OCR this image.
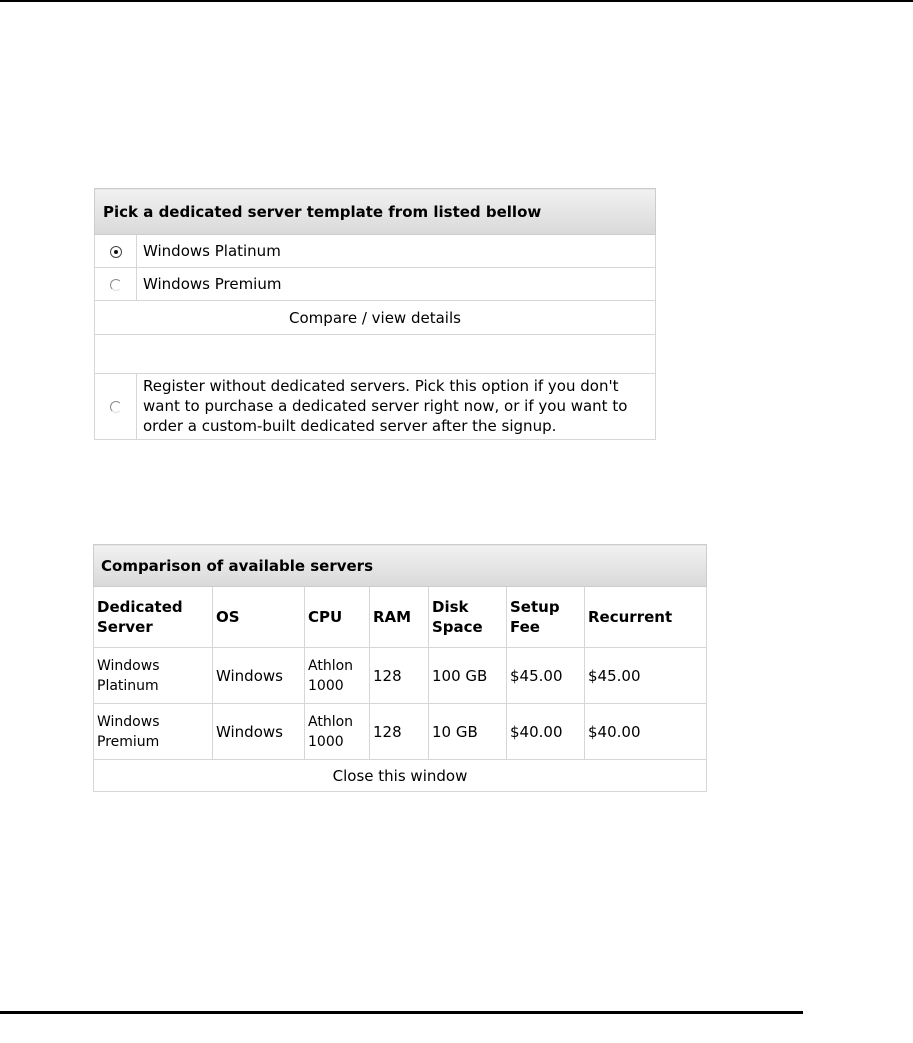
Pick a dedicated server template from listed bellow	
	Windows Platinum
	Windows Premium
Compare / view details	

	Register without dedicated servers. Pick this option if you don't want to purchase a dedicated server right now, or if you want to order a custom-built dedicated server after the signup.
Comparison of available servers						
Dedicated Server	OS	CPU	RAM	Disk Space	Setup Fee	Recurrent
Windows Platinum	Windows	Athlon 1000	128	100 GB	$45.00	$45.00
Windows Premium	Windows	Athlon 1000	128	10 GB	$40.00	$40.00
Close this window						
